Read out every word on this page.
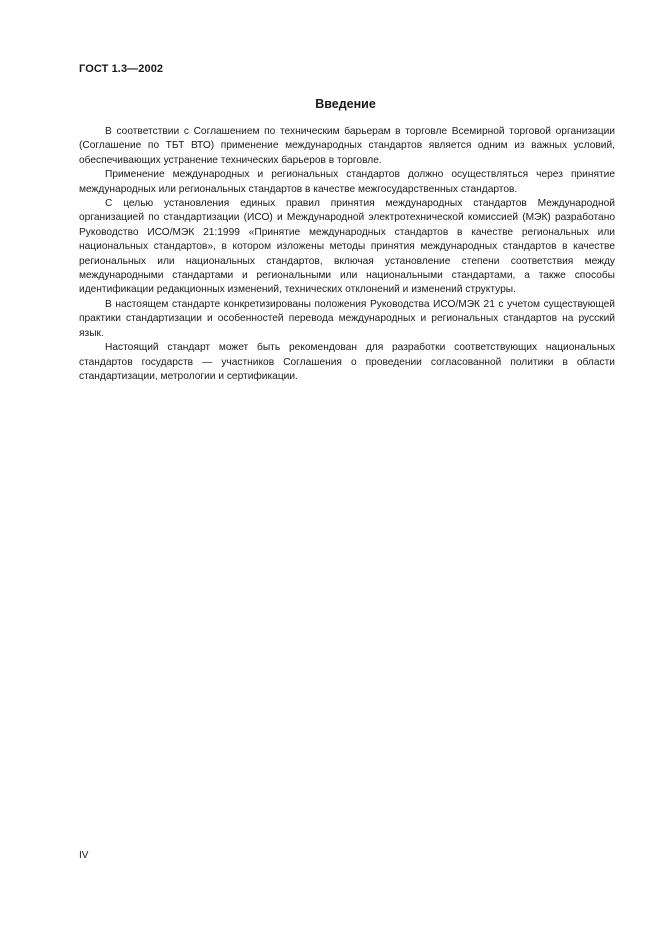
ГОСТ 1.3—2002
Введение

В соответствии с Соглашением по техническим барьерам в торговле Всемирной торговой организации (Соглашение по ТБТ ВТО) применение международных стандартов является одним из важных условий, обеспечивающих устранение технических барьеров в торговле.

Применение международных и региональных стандартов должно осуществляться через принятие международных или региональных стандартов в качестве межгосударственных стандартов.

С целью установления единых правил принятия международных стандартов Международной организацией по стандартизации (ИСО) и Международной электротехнической комиссией (МЭК) разработано Руководство ИСО/МЭК 21:1999 «Принятие международных стандартов в качестве региональных или национальных стандартов», в котором изложены методы принятия международных стандартов в качестве региональных или национальных стандартов, включая установление степени соответствия между международными стандартами и региональными или национальными стандартами, а также способы идентификации редакционных изменений, технических отклонений и изменений структуры.

В настоящем стандарте конкретизированы положения Руководства ИСО/МЭК 21 с учетом существующей практики стандартизации и особенностей перевода международных и региональных стандартов на русский язык.

Настоящий стандарт может быть рекомендован для разработки соответствующих национальных стандартов государств — участников Соглашения о проведении согласованной политики в области стандартизации, метрологии и сертификации.

IV
